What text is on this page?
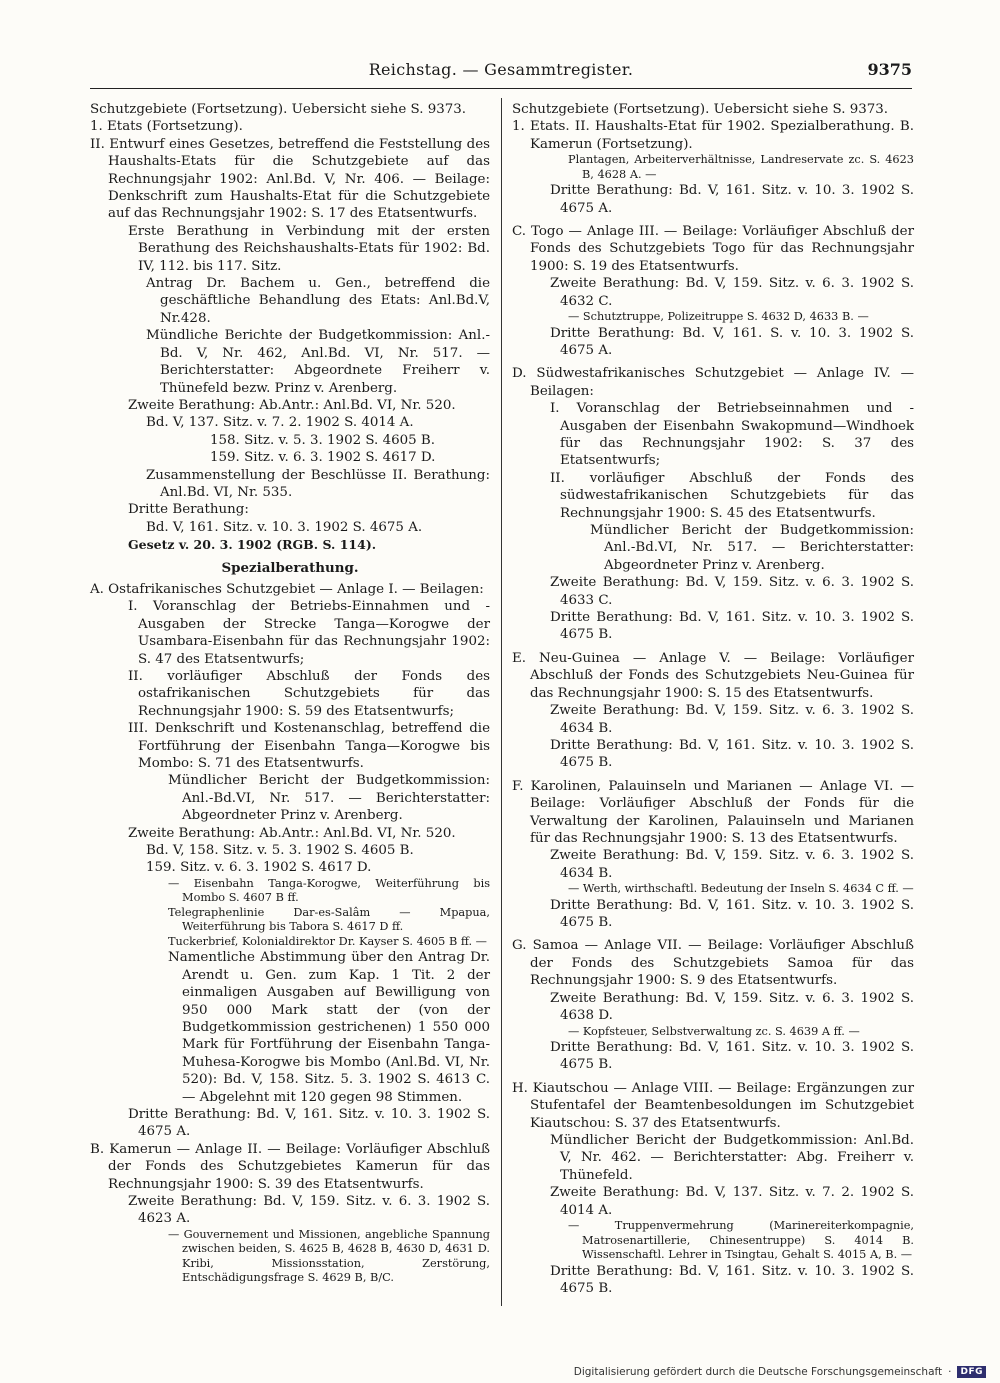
Reichstag. — Gesammtregister.	9375

Schutzgebiete (Fortsetzung). Uebersicht siehe S. 9373.

1. Etats (Fortsetzung).

II. Entwurf eines Gesetzes, betreffend die Feststellung des Haushalts-Etats für die Schutzgebiete auf das Rechnungsjahr 1902: Anl.Bd. V, Nr. 406. — Beilage: Denkschrift zum Haushalts-Etat für die Schutzgebiete auf das Rechnungsjahr 1902: S. 17 des Etatsentwurfs.

Erste Berathung in Verbindung mit der ersten Berathung des Reichshaushalts-Etats für 1902: Bd. IV, 112. bis 117. Sitz.

Antrag Dr. Bachem u. Gen., betreffend die geschäftliche Behandlung des Etats: Anl.Bd.V, Nr.428.

Mündliche Berichte der Budgetkommission: Anl.-Bd. V, Nr. 462, Anl.Bd. VI, Nr. 517. — Berichterstatter: Abgeordnete Freiherr v. Thünefeld bezw. Prinz v. Arenberg.

Zweite Berathung: Ab.Antr.: Anl.Bd. VI, Nr. 520.

Bd. V, 137. Sitz. v. 7. 2. 1902 S. 4014 A.

158. Sitz. v. 5. 3. 1902 S. 4605 B.

159. Sitz. v. 6. 3. 1902 S. 4617 D.

Zusammenstellung der Beschlüsse II. Berathung: Anl.Bd. VI, Nr. 535.

Dritte Berathung:

Bd. V, 161. Sitz. v. 10. 3. 1902 S. 4675 A.

Gesetz v. 20. 3. 1902 (RGB. S. 114).

Spezialberathung.

A. Ostafrikanisches Schutzgebiet — Anlage I. — Beilagen:

I. Voranschlag der Betriebs-Einnahmen und -Ausgaben der Strecke Tanga—Korogwe der Usambara-Eisenbahn für das Rechnungsjahr 1902: S. 47 des Etatsentwurfs;

II. vorläufiger Abschluß der Fonds des ostafrikanischen Schutzgebiets für das Rechnungsjahr 1900: S. 59 des Etatsentwurfs;

III. Denkschrift und Kostenanschlag, betreffend die Fortführung der Eisenbahn Tanga—Korogwe bis Mombo: S. 71 des Etatsentwurfs.

Mündlicher Bericht der Budgetkommission: Anl.-Bd.VI, Nr. 517. — Berichterstatter: Abgeordneter Prinz v. Arenberg.

Zweite Berathung: Ab.Antr.: Anl.Bd. VI, Nr. 520.

Bd. V, 158. Sitz. v. 5. 3. 1902 S. 4605 B.

159. Sitz. v. 6. 3. 1902 S. 4617 D.

— Eisenbahn Tanga-Korogwe, Weiterführung bis Mombo S. 4607 B ff.

Telegraphenlinie Dar-es-Salâm — Mpapua, Weiterführung bis Tabora S. 4617 D ff.

Tuckerbrief, Kolonialdirektor Dr. Kayser S. 4605 B ff. —

Namentliche Abstimmung über den Antrag Dr. Arendt u. Gen. zum Kap. 1 Tit. 2 der einmaligen Ausgaben auf Bewilligung von 950 000 Mark statt der (von der Budgetkommission gestrichenen) 1 550 000 Mark für Fortführung der Eisenbahn Tanga-Muhesa-Korogwe bis Mombo (Anl.Bd. VI, Nr. 520): Bd. V, 158. Sitz. 5. 3. 1902 S. 4613 C. — Abgelehnt mit 120 gegen 98 Stimmen.

Dritte Berathung: Bd. V, 161. Sitz. v. 10. 3. 1902 S. 4675 A.

B. Kamerun — Anlage II. — Beilage: Vorläufiger Abschluß der Fonds des Schutzgebietes Kamerun für das Rechnungsjahr 1900: S. 39 des Etatsentwurfs.

Zweite Berathung: Bd. V, 159. Sitz. v. 6. 3. 1902 S. 4623 A.

— Gouvernement und Missionen, angebliche Spannung zwischen beiden, S. 4625 B, 4628 B, 4630 D, 4631 D. Kribi, Missionsstation, Zerstörung, Entschädigungsfrage S. 4629 B, B/C.

Schutzgebiete (Fortsetzung). Uebersicht siehe S. 9373.

1. Etats. II. Haushalts-Etat für 1902. Spezialberathung. B. Kamerun (Fortsetzung).

Plantagen, Arbeiterverhältnisse, Landreservate zc. S. 4623 B, 4628 A. —

Dritte Berathung: Bd. V, 161. Sitz. v. 10. 3. 1902 S. 4675 A.

C. Togo — Anlage III. — Beilage: Vorläufiger Abschluß der Fonds des Schutzgebiets Togo für das Rechnungsjahr 1900: S. 19 des Etatsentwurfs.

Zweite Berathung: Bd. V, 159. Sitz. v. 6. 3. 1902 S. 4632 C.

— Schutztruppe, Polizeitruppe S. 4632 D, 4633 B. —

Dritte Berathung: Bd. V, 161. S. v. 10. 3. 1902 S. 4675 A.

D. Südwestafrikanisches Schutzgebiet — Anlage IV. — Beilagen:

I. Voranschlag der Betriebseinnahmen und -Ausgaben der Eisenbahn Swakopmund—Windhoek für das Rechnungsjahr 1902: S. 37 des Etatsentwurfs;

II. vorläufiger Abschluß der Fonds des südwestafrikanischen Schutzgebiets für das Rechnungsjahr 1900: S. 45 des Etatsentwurfs.

Mündlicher Bericht der Budgetkommission: Anl.-Bd.VI, Nr. 517. — Berichterstatter: Abgeordneter Prinz v. Arenberg.

Zweite Berathung: Bd. V, 159. Sitz. v. 6. 3. 1902 S. 4633 C.

Dritte Berathung: Bd. V, 161. Sitz. v. 10. 3. 1902 S. 4675 B.

E. Neu-Guinea — Anlage V. — Beilage: Vorläufiger Abschluß der Fonds des Schutzgebiets Neu-Guinea für das Rechnungsjahr 1900: S. 15 des Etatsentwurfs.

Zweite Berathung: Bd. V, 159. Sitz. v. 6. 3. 1902 S. 4634 B.

Dritte Berathung: Bd. V, 161. Sitz. v. 10. 3. 1902 S. 4675 B.

F. Karolinen, Palauinseln und Marianen — Anlage VI. — Beilage: Vorläufiger Abschluß der Fonds für die Verwaltung der Karolinen, Palauinseln und Marianen für das Rechnungsjahr 1900: S. 13 des Etatsentwurfs.

Zweite Berathung: Bd. V, 159. Sitz. v. 6. 3. 1902 S. 4634 B.

— Werth, wirthschaftl. Bedeutung der Inseln S. 4634 C ff. —

Dritte Berathung: Bd. V, 161. Sitz. v. 10. 3. 1902 S. 4675 B.

G. Samoa — Anlage VII. — Beilage: Vorläufiger Abschluß der Fonds des Schutzgebiets Samoa für das Rechnungsjahr 1900: S. 9 des Etatsentwurfs.

Zweite Berathung: Bd. V, 159. Sitz. v. 6. 3. 1902 S. 4638 D.

— Kopfsteuer, Selbstverwaltung zc. S. 4639 A ff. —

Dritte Berathung: Bd. V, 161. Sitz. v. 10. 3. 1902 S. 4675 B.

H. Kiautschou — Anlage VIII. — Beilage: Ergänzungen zur Stufentafel der Beamtenbesoldungen im Schutzgebiet Kiautschou: S. 37 des Etatsentwurfs.

Mündlicher Bericht der Budgetkommission: Anl.Bd. V, Nr. 462. — Berichterstatter: Abg. Freiherr v. Thünefeld.

Zweite Berathung: Bd. V, 137. Sitz. v. 7. 2. 1902 S. 4014 A.

— Truppenvermehrung (Marinereiterkompagnie, Matrosenartillerie, Chinesentruppe) S. 4014 B. Wissenschaftl. Lehrer in Tsingtau, Gehalt S. 4015 A, B. —

Dritte Berathung: Bd. V, 161. Sitz. v. 10. 3. 1902 S. 4675 B.

Digitalisierung gefördert durch die Deutsche Forschungsgemeinschaft ·	DFG
